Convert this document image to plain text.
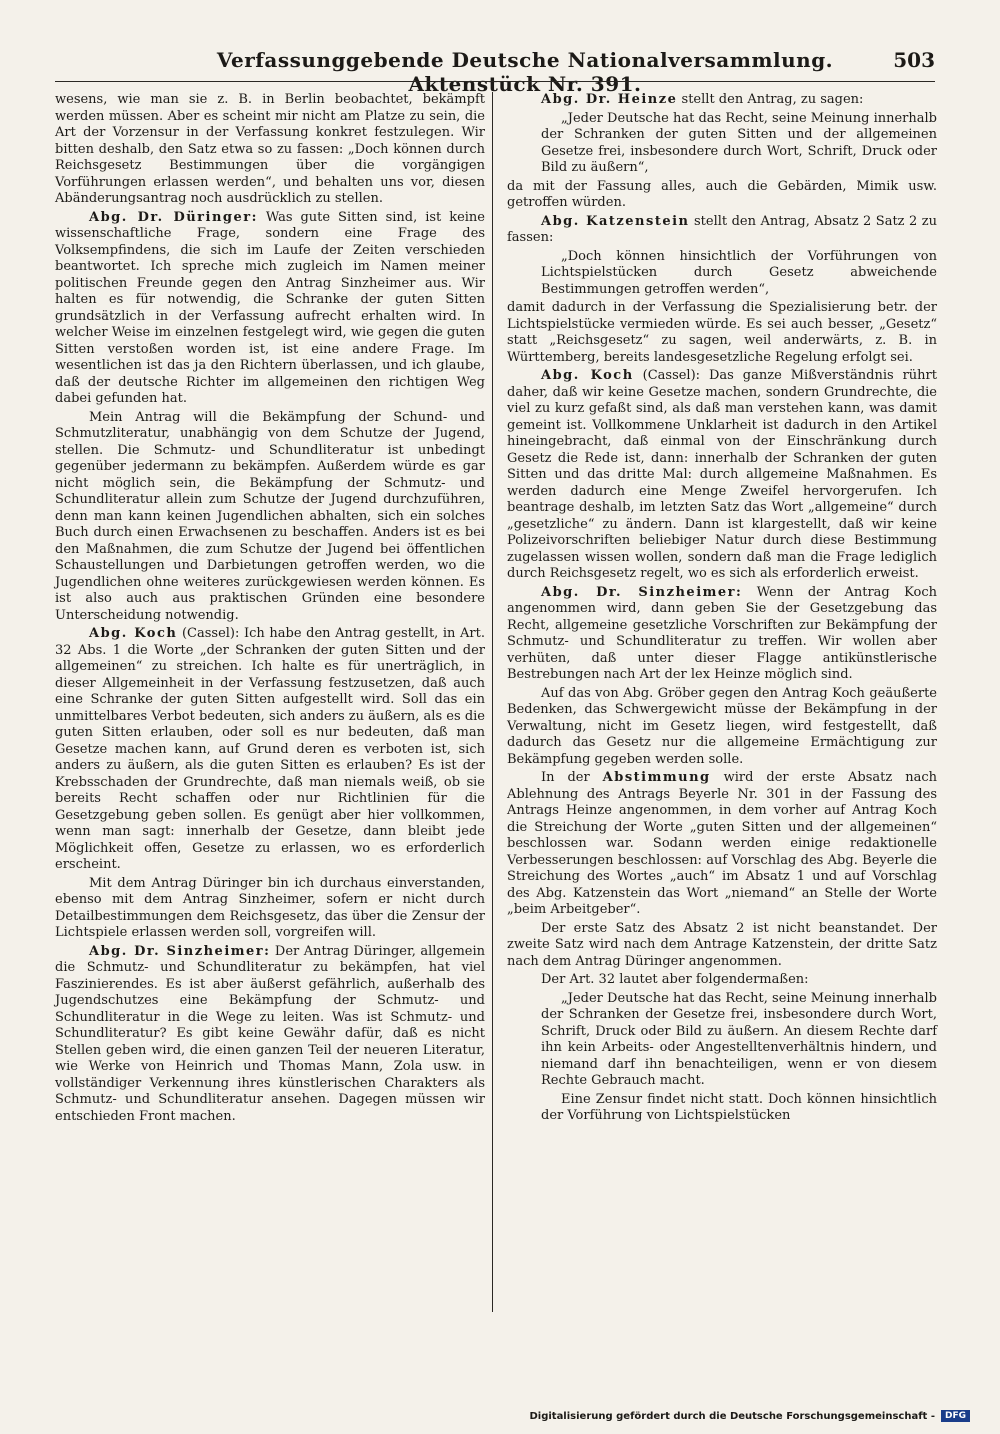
Verfassunggebende Deutsche Nationalversammlung. Aktenstück Nr. 391.
503

wesens, wie man sie z. B. in Berlin beobachtet, bekämpft werden müssen. Aber es scheint mir nicht am Platze zu sein, die Art der Vorzensur in der Verfassung konkret festzulegen. Wir bitten deshalb, den Satz etwa so zu fassen: „Doch können durch Reichsgesetz Bestimmungen über die vorgängigen Vorführungen erlassen werden“, und behalten uns vor, diesen Abänderungsantrag noch ausdrücklich zu stellen.

Abg. Dr. Düringer: Was gute Sitten sind, ist keine wissenschaftliche Frage, sondern eine Frage des Volksempfindens, die sich im Laufe der Zeiten verschieden beantwortet. Ich spreche mich zugleich im Namen meiner politischen Freunde gegen den Antrag Sinzheimer aus. Wir halten es für notwendig, die Schranke der guten Sitten grundsätzlich in der Verfassung aufrecht erhalten wird. In welcher Weise im einzelnen festgelegt wird, wie gegen die guten Sitten verstoßen worden ist, ist eine andere Frage. Im wesentlichen ist das ja den Richtern überlassen, und ich glaube, daß der deutsche Richter im allgemeinen den richtigen Weg dabei gefunden hat.

Mein Antrag will die Bekämpfung der Schund- und Schmutzliteratur, unabhängig von dem Schutze der Jugend, stellen. Die Schmutz- und Schundliteratur ist unbedingt gegenüber jedermann zu bekämpfen. Außerdem würde es gar nicht möglich sein, die Bekämpfung der Schmutz- und Schundliteratur allein zum Schutze der Jugend durchzuführen, denn man kann keinen Jugendlichen abhalten, sich ein solches Buch durch einen Erwachsenen zu beschaffen. Anders ist es bei den Maßnahmen, die zum Schutze der Jugend bei öffentlichen Schaustellungen und Darbietungen getroffen werden, wo die Jugendlichen ohne weiteres zurückgewiesen werden können. Es ist also auch aus praktischen Gründen eine besondere Unterscheidung notwendig.

Abg. Koch (Cassel): Ich habe den Antrag gestellt, in Art. 32 Abs. 1 die Worte „der Schranken der guten Sitten und der allgemeinen“ zu streichen. Ich halte es für unerträglich, in dieser Allgemeinheit in der Verfassung festzusetzen, daß auch eine Schranke der guten Sitten aufgestellt wird. Soll das ein unmittelbares Verbot bedeuten, sich anders zu äußern, als es die guten Sitten erlauben, oder soll es nur bedeuten, daß man Gesetze machen kann, auf Grund deren es verboten ist, sich anders zu äußern, als die guten Sitten es erlauben? Es ist der Krebsschaden der Grundrechte, daß man niemals weiß, ob sie bereits Recht schaffen oder nur Richtlinien für die Gesetzgebung geben sollen. Es genügt aber hier vollkommen, wenn man sagt: innerhalb der Gesetze, dann bleibt jede Möglichkeit offen, Gesetze zu erlassen, wo es erforderlich erscheint.

Mit dem Antrag Düringer bin ich durchaus einverstanden, ebenso mit dem Antrag Sinzheimer, sofern er nicht durch Detailbestimmungen dem Reichsgesetz, das über die Zensur der Lichtspiele erlassen werden soll, vorgreifen will.

Abg. Dr. Sinzheimer: Der Antrag Düringer, allgemein die Schmutz- und Schundliteratur zu bekämpfen, hat viel Faszinierendes. Es ist aber äußerst gefährlich, außerhalb des Jugendschutzes eine Bekämpfung der Schmutz- und Schundliteratur in die Wege zu leiten. Was ist Schmutz- und Schundliteratur? Es gibt keine Gewähr dafür, daß es nicht Stellen geben wird, die einen ganzen Teil der neueren Literatur, wie Werke von Heinrich und Thomas Mann, Zola usw. in vollständiger Verkennung ihres künstlerischen Charakters als Schmutz- und Schundliteratur ansehen. Dagegen müssen wir entschieden Front machen.

Abg. Dr. Heinze stellt den Antrag, zu sagen:

„Jeder Deutsche hat das Recht, seine Meinung innerhalb der Schranken der guten Sitten und der allgemeinen Gesetze frei, insbesondere durch Wort, Schrift, Druck oder Bild zu äußern“,

da mit der Fassung alles, auch die Gebärden, Mimik usw. getroffen würden.

Abg. Katzenstein stellt den Antrag, Absatz 2 Satz 2 zu fassen:

„Doch können hinsichtlich der Vorführungen von Lichtspielstücken durch Gesetz abweichende Bestimmungen getroffen werden“,

damit dadurch in der Verfassung die Spezialisierung betr. der Lichtspielstücke vermieden würde. Es sei auch besser, „Gesetz“ statt „Reichsgesetz“ zu sagen, weil anderwärts, z. B. in Württemberg, bereits landesgesetzliche Regelung erfolgt sei.

Abg. Koch (Cassel): Das ganze Mißverständnis rührt daher, daß wir keine Gesetze machen, sondern Grundrechte, die viel zu kurz gefaßt sind, als daß man verstehen kann, was damit gemeint ist. Vollkommene Unklarheit ist dadurch in den Artikel hineingebracht, daß einmal von der Einschränkung durch Gesetz die Rede ist, dann: innerhalb der Schranken der guten Sitten und das dritte Mal: durch allgemeine Maßnahmen. Es werden dadurch eine Menge Zweifel hervorgerufen. Ich beantrage deshalb, im letzten Satz das Wort „allgemeine“ durch „gesetzliche“ zu ändern. Dann ist klargestellt, daß wir keine Polizeivorschriften beliebiger Natur durch diese Bestimmung zugelassen wissen wollen, sondern daß man die Frage lediglich durch Reichsgesetz regelt, wo es sich als erforderlich erweist.

Abg. Dr. Sinzheimer: Wenn der Antrag Koch angenommen wird, dann geben Sie der Gesetzgebung das Recht, allgemeine gesetzliche Vorschriften zur Bekämpfung der Schmutz- und Schundliteratur zu treffen. Wir wollen aber verhüten, daß unter dieser Flagge antikünstlerische Bestrebungen nach Art der lex Heinze möglich sind.

Auf das von Abg. Gröber gegen den Antrag Koch geäußerte Bedenken, das Schwergewicht müsse der Bekämpfung in der Verwaltung, nicht im Gesetz liegen, wird festgestellt, daß dadurch das Gesetz nur die allgemeine Ermächtigung zur Bekämpfung gegeben werden solle.

In der Abstimmung wird der erste Absatz nach Ablehnung des Antrags Beyerle Nr. 301 in der Fassung des Antrags Heinze angenommen, in dem vorher auf Antrag Koch die Streichung der Worte „guten Sitten und der allgemeinen“ beschlossen war. Sodann werden einige redaktionelle Verbesserungen beschlossen: auf Vorschlag des Abg. Beyerle die Streichung des Wortes „auch“ im Absatz 1 und auf Vorschlag des Abg. Katzenstein das Wort „niemand“ an Stelle der Worte „beim Arbeitgeber“.

Der erste Satz des Absatz 2 ist nicht beanstandet. Der zweite Satz wird nach dem Antrage Katzenstein, der dritte Satz nach dem Antrag Düringer angenommen.

Der Art. 32 lautet aber folgendermaßen:

„Jeder Deutsche hat das Recht, seine Meinung innerhalb der Schranken der Gesetze frei, insbesondere durch Wort, Schrift, Druck oder Bild zu äußern. An diesem Rechte darf ihn kein Arbeits- oder Angestelltenverhältnis hindern, und niemand darf ihn benachteiligen, wenn er von diesem Rechte Gebrauch macht.

Eine Zensur findet nicht statt. Doch können hinsichtlich der Vorführung von Lichtspielstücken

Digitalisierung gefördert durch die Deutsche Forschungsgemeinschaft -	DFG
